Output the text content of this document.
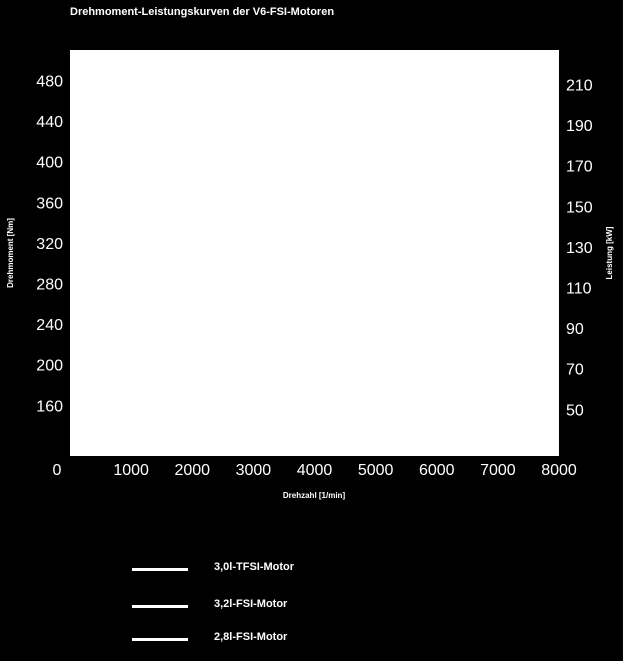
Drehmoment-Leistungskurven der V6-FSI-Motoren
0	1000 2000 3000 4000 5000 6000 7000 8000
160
200
240
280
320
360
400
440
480
50
70
90
110
130
150
170
190
210
Drehzahl [1/min]
Drehmoment [Nm]	Leistung [kW]
3,0l-TFSI-Motor
3,2l-FSI-Motor
2,8l-FSI-Motor
